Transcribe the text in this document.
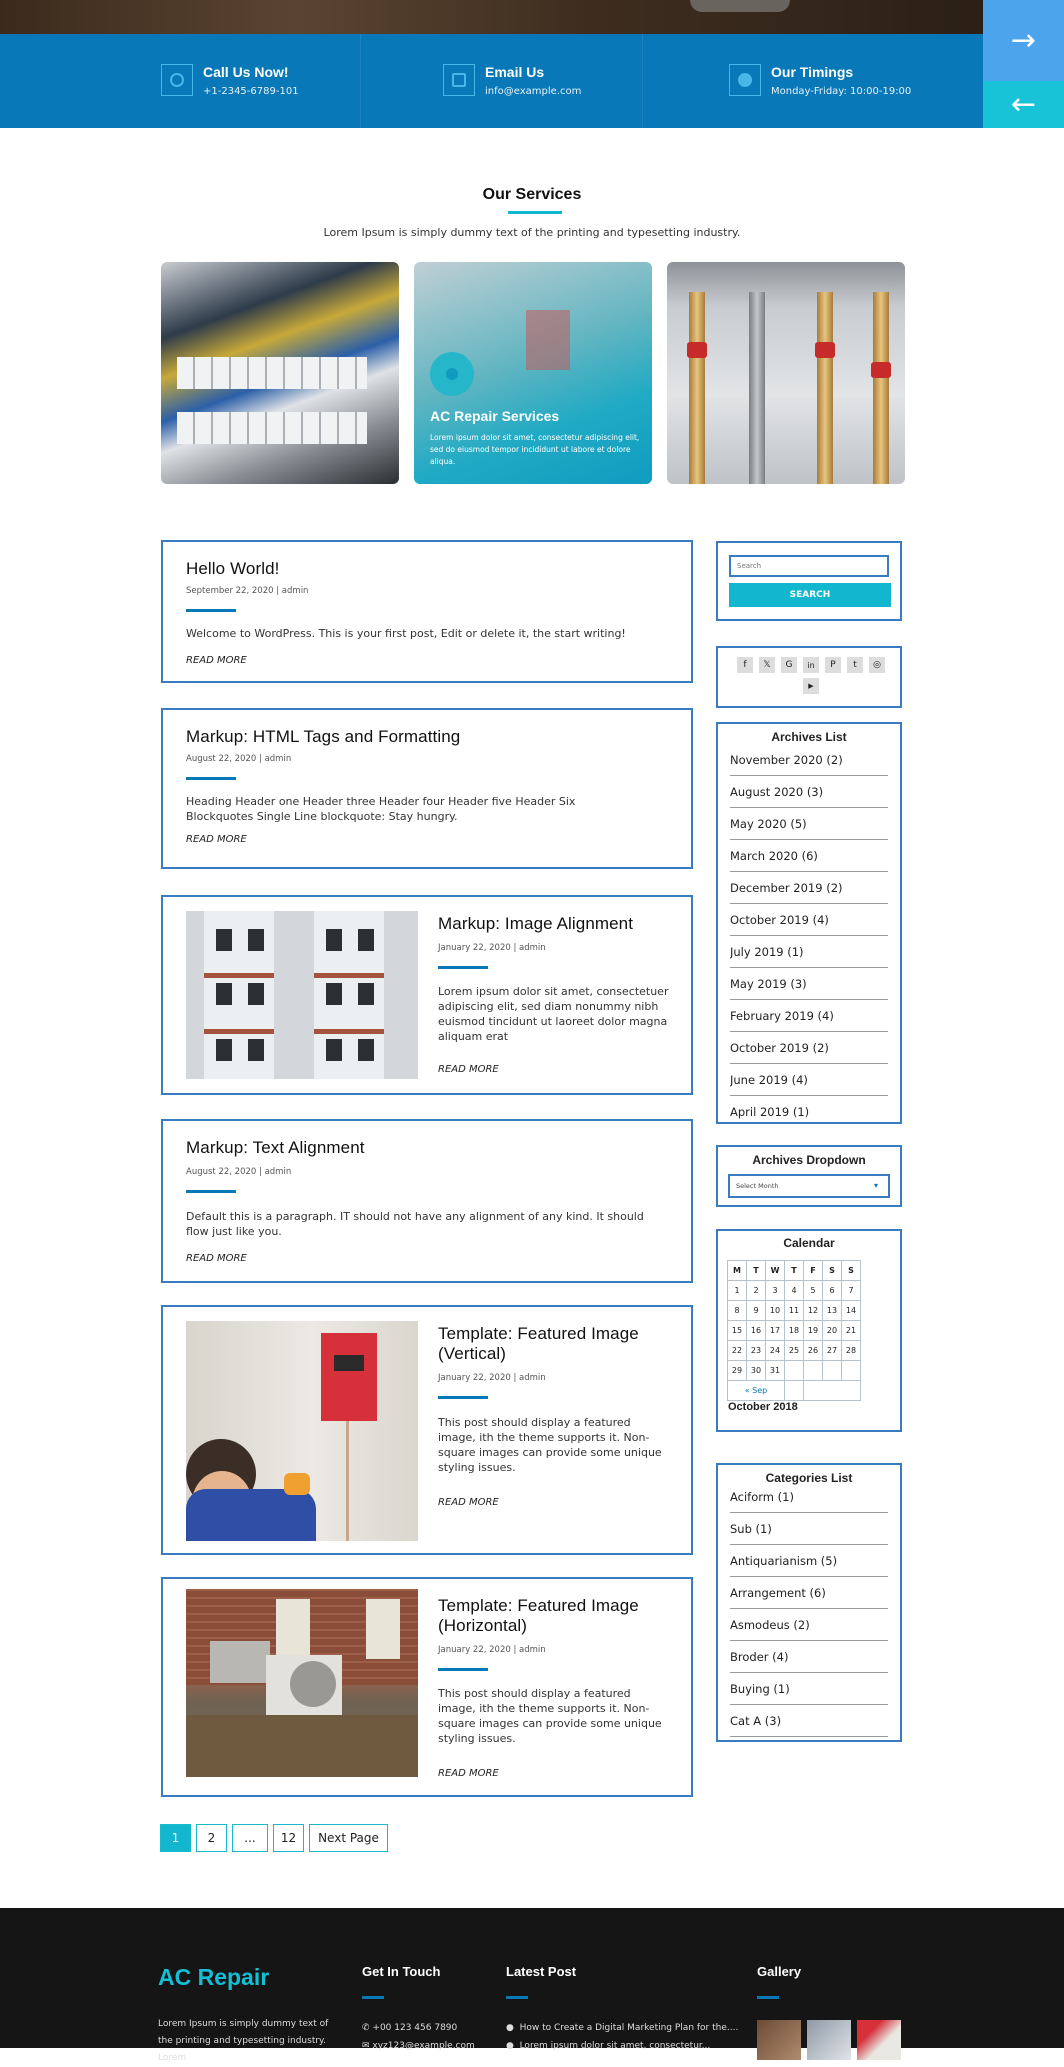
Call Us Now!
+1-2345-6789-101
Email Us
info@example.com
Our Timings
Monday-Friday: 10:00-19:00
→
←
Our Services
Lorem Ipsum is simply dummy text of the printing and typesetting industry.
AC Repair Services
Lorem ipsum dolor sit amet, consectetur adipiscing elit, sed do eiusmod tempor incididunt ut labore et dolore aliqua.
Hello World!
September 22, 2020 | admin
Welcome to WordPress. This is your first post, Edit or delete it, the start writing!
READ MORE
Markup: HTML Tags and Formatting
August 22, 2020 | admin
Heading Header one Header three Header four Header five Header Six Blockquotes Single Line blockquote: Stay hungry.
READ MORE
Markup: Image Alignment
January 22, 2020 | admin
Lorem ipsum dolor sit amet, consectetuer adipiscing elit, sed diam nonummy nibh euismod tincidunt ut laoreet dolor magna aliquam erat
READ MORE
Markup: Text Alignment
August 22, 2020 | admin
Default this is a paragraph. IT should not have any alignment of any kind. It should flow just like you.
READ MORE
Template: Featured Image (Vertical)
January 22, 2020 | admin
This post should display a featured image, ith the theme supports it. Non-square images can provide some unique styling issues.
READ MORE
Template: Featured Image (Horizontal)
January 22, 2020 | admin
This post should display a featured image, ith the theme supports it. Non-square images can provide some unique styling issues.
READ MORE
1	2	...	12	Next Page
Search
SEARCH
f	𝕏	G	in	P	t	◎
▶
Archives List
November 2020 (2)
August 2020 (3)
May 2020 (5)
March 2020 (6)
December 2019 (2)
October 2019 (4)
July 2019 (1)
May 2019 (3)
February 2019 (4)
October 2019 (2)
June 2019 (4)
April 2019 (1)
Archives Dropdown
Select Month	▾
Calendar
M	T	W	T	F	S	S
1	2	3	4	5	6	7
8	9	10	11	12	13	14
15	16	17	18	19	20	21
22	23	24	25	26	27	28
29	30	31				
« Sep						
October 2018
Categories List
Aciform (1)
Sub (1)
Antiquarianism (5)
Arrangement (6)
Asmodeus (2)
Broder (4)
Buying (1)
Cat A (3)
AC Repair
Lorem Ipsum is simply dummy text of the printing and typesetting industry. Lorem
Get In Touch
✆ +00 123 456 7890
✉ xyz123@example.com
Latest Post
●  How to Create a Digital Marketing Plan for the....
●  Lorem ipsum dolor sit amet, consectetur...
Gallery
